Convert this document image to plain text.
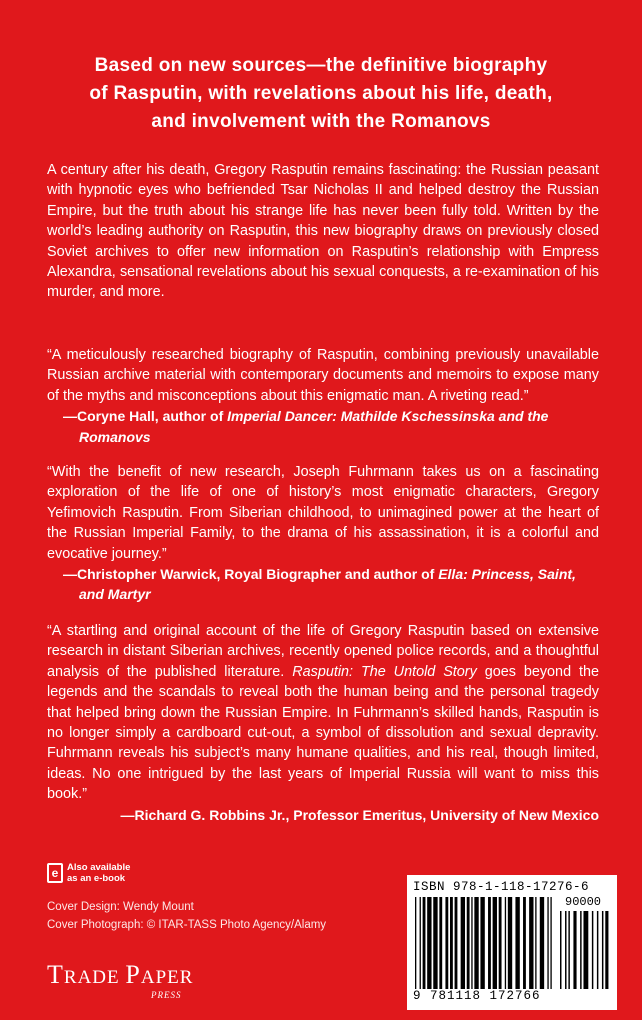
Based on new sources—the definitive biography
of Rasputin, with revelations about his life, death,
and involvement with the Romanovs

A century after his death, Gregory Rasputin remains fascinating: the Russian peasant with hypnotic eyes who befriended Tsar Nicholas II and helped destroy the Russian Empire, but the truth about his strange life has never been fully told. Written by the world’s leading authority on Rasputin, this new biography draws on previously closed Soviet archives to offer new information on Rasputin’s relationship with Empress Alexandra, sensational revelations about his sexual conquests, a re-examination of his murder, and more.

“A meticulously researched biography of Rasputin, combining previously unavailable Russian archive material with contemporary documents and memoirs to expose many of the myths and misconceptions about this enigmatic man. A riveting read.”

—Coryne Hall, author of Imperial Dancer: Mathilde Kschessinska and the Romanovs

“With the benefit of new research, Joseph Fuhrmann takes us on a fascinating exploration of the life of one of history’s most enigmatic characters, Gregory Yefimovich Rasputin. From Siberian childhood, to unimagined power at the heart of the Russian Imperial Family, to the drama of his assassination, it is a colorful and evocative journey.”

—Christopher Warwick, Royal Biographer and author of Ella: Princess, Saint, and Martyr

“A startling and original account of the life of Gregory Rasputin based on extensive research in distant Siberian archives, recently opened police records, and a thoughtful analysis of the published literature. Rasputin: The Untold Story goes beyond the legends and the scandals to reveal both the human being and the personal tragedy that helped bring down the Russian Empire. In Fuhrmann’s skilled hands, Rasputin is no longer simply a cardboard cut-out, a symbol of dissolution and sexual depravity. Fuhrmann reveals his subject’s many humane qualities, and his real, though limited, ideas. No one intrigued by the last years of Imperial Russia will want to miss this book.”

—Richard G. Robbins Jr., Professor Emeritus, University of New Mexico

e Also available
as an e-book
Cover Design: Wendy Mount
Cover Photograph: © ITAR-TASS Photo Agency/Alamy
TRADE PAPER
PRESS
ISBN 978-1-118-17276-6
90000
9 781118 172766
